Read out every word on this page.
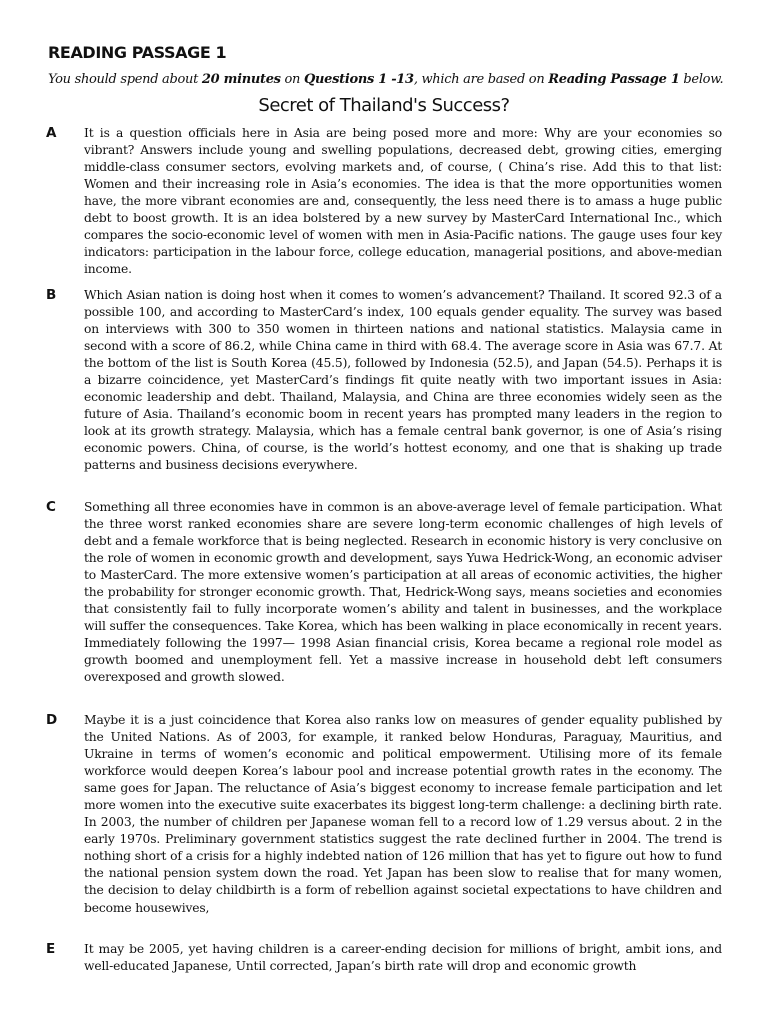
READING PASSAGE 1
You should spend about 20 minutes on Questions 1 -13, which are based on Reading Passage 1 below.
Secret of Thailand's Success?
A It is a question officials here in Asia are being posed more and more: Why are your economies so vibrant? Answers include young and swelling populations, decreased debt, growing cities, emerging middle-class consumer sectors, evolving markets and, of course, ( China’s rise. Add this to that list: Women and their increasing role in Asia’s economies. The idea is that the more opportunities women have, the more vibrant economies are and, consequently, the less need there is to amass a huge public debt to boost growth. It is an idea bolstered by a new survey by MasterCard International Inc., which compares the socio-economic level of women with men in Asia-Pacific nations. The gauge uses four key indicators: participation in the labour force, college education, managerial positions, and above-median income.
B Which Asian nation is doing host when it comes to women’s advancement? Thailand. It scored 92.3 of a possible 100, and according to MasterCard’s index, 100 equals gender equality. The survey was based on interviews with 300 to 350 women in thirteen nations and national statistics. Malaysia came in second with a score of 86.2, while China came in third with 68.4. The average score in Asia was 67.7. At the bottom of the list is South Korea (45.5), followed by Indonesia (52.5), and Japan (54.5). Perhaps it is a bizarre coincidence, yet MasterCard’s findings fit quite neatly with two important issues in Asia: economic leadership and debt. Thailand, Malaysia, and China are three economies widely seen as the future of Asia. Thailand’s economic boom in recent years has prompted many leaders in the region to look at its growth strategy. Malaysia, which has a female central bank governor, is one of Asia’s rising economic powers. China, of course, is the world’s hottest economy, and one that is shaking up trade patterns and business decisions everywhere.
C Something all three economies have in common is an above-average level of female participation. What the three worst ranked economies share are severe long-term economic challenges of high levels of debt and a female workforce that is being neglected. Research in economic history is very conclusive on the role of women in economic growth and development, says Yuwa Hedrick-Wong, an economic adviser to MasterCard. The more extensive women’s participation at all areas of economic activities, the higher the probability for stronger economic growth. That, Hedrick-Wong says, means societies and economies that consistently fail to fully incorporate women’s ability and talent in businesses, and the workplace will suffer the consequences. Take Korea, which has been walking in place economically in recent years. Immediately following the 1997— 1998 Asian financial crisis, Korea became a regional role model as growth boomed and unemployment fell. Yet a massive increase in household debt left consumers overexposed and growth slowed.
D Maybe it is a just coincidence that Korea also ranks low on measures of gender equality published by the United Nations. As of 2003, for example, it ranked below Honduras, Paraguay, Mauritius, and Ukraine in terms of women’s economic and political empowerment. Utilising more of its female workforce would deepen Korea’s labour pool and increase potential growth rates in the economy. The same goes for Japan. The reluctance of Asia’s biggest economy to increase female participation and let more women into the executive suite exacerbates its biggest long-term challenge: a declining birth rate. In 2003, the number of children per Japanese woman fell to a record low of 1.29 versus about. 2 in the early 1970s. Preliminary government statistics suggest the rate declined further in 2004. The trend is nothing short of a crisis for a highly indebted nation of 126 million that has yet to figure out how to fund the national pension system down the road. Yet Japan has been slow to realise that for many women, the decision to delay childbirth is a form of rebellion against societal expectations to have children and become housewives,
E It may be 2005, yet having children is a career-ending decision for millions of bright, ambit ions, and well-educated Japanese, Until corrected, Japan’s birth rate will drop and economic growth
